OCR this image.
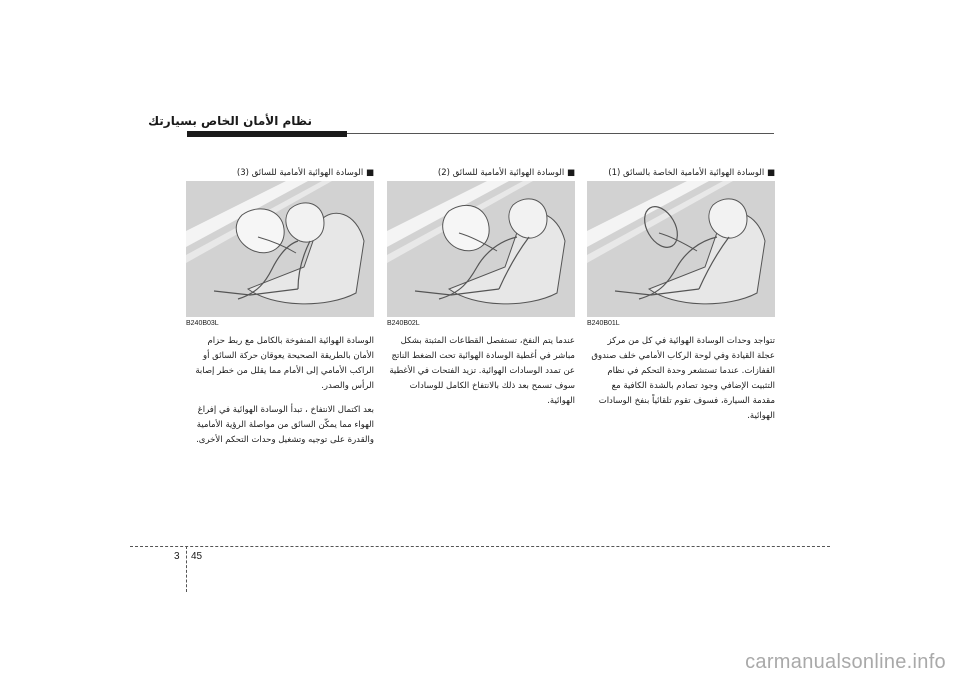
نظام الأمان الخاص بسيارتك
■ الوسادة الهوائية الأمامية الخاصة بالسائق (1)
B240B01L

تتواجد وحدات الوسادة الهوائية في كل من مركز عجلة القيادة وفي لوحة الركاب الأمامي خلف صندوق القفازات. عندما تستشعر وحدة التحكم في نظام التثبيت الإضافي وجود تصادم بالشدة الكافية مع مقدمة السيارة، فسوف تقوم تلقائياً بنفخ الوسادات الهوائية.

■ الوسادة الهوائية الأمامية للسائق (2)
B240B02L

عندما يتم النفخ، تستفصل القطاعات المثبتة بشكل مباشر في أغطية الوسادة الهوائية تحت الضغط الناتج عن تمدد الوسادات الهوائية. تزيد الفتحات في الأغطية سوف تسمح بعد ذلك بالانتفاخ الكامل للوسادات الهوائية.

■ الوسادة الهوائية الأمامية للسائق (3)
B240B03L

الوسادة الهوائية المنفوخة بالكامل مع ربط حزام الأمان بالطريقة الصحيحة يعوقان حركة السائق أو الراكب الأمامي إلى الأمام مما يقلل من خطر إصابة الرأس والصدر.

بعد اكتمال الانتفاخ ، تبدأ الوسادة الهوائية في إفراغ الهواء مما يمكّن السائق من مواصلة الرؤية الأمامية والقدرة على توجيه وتشغيل وحدات التحكم الأخرى.

3 45
carmanualsonline.info
